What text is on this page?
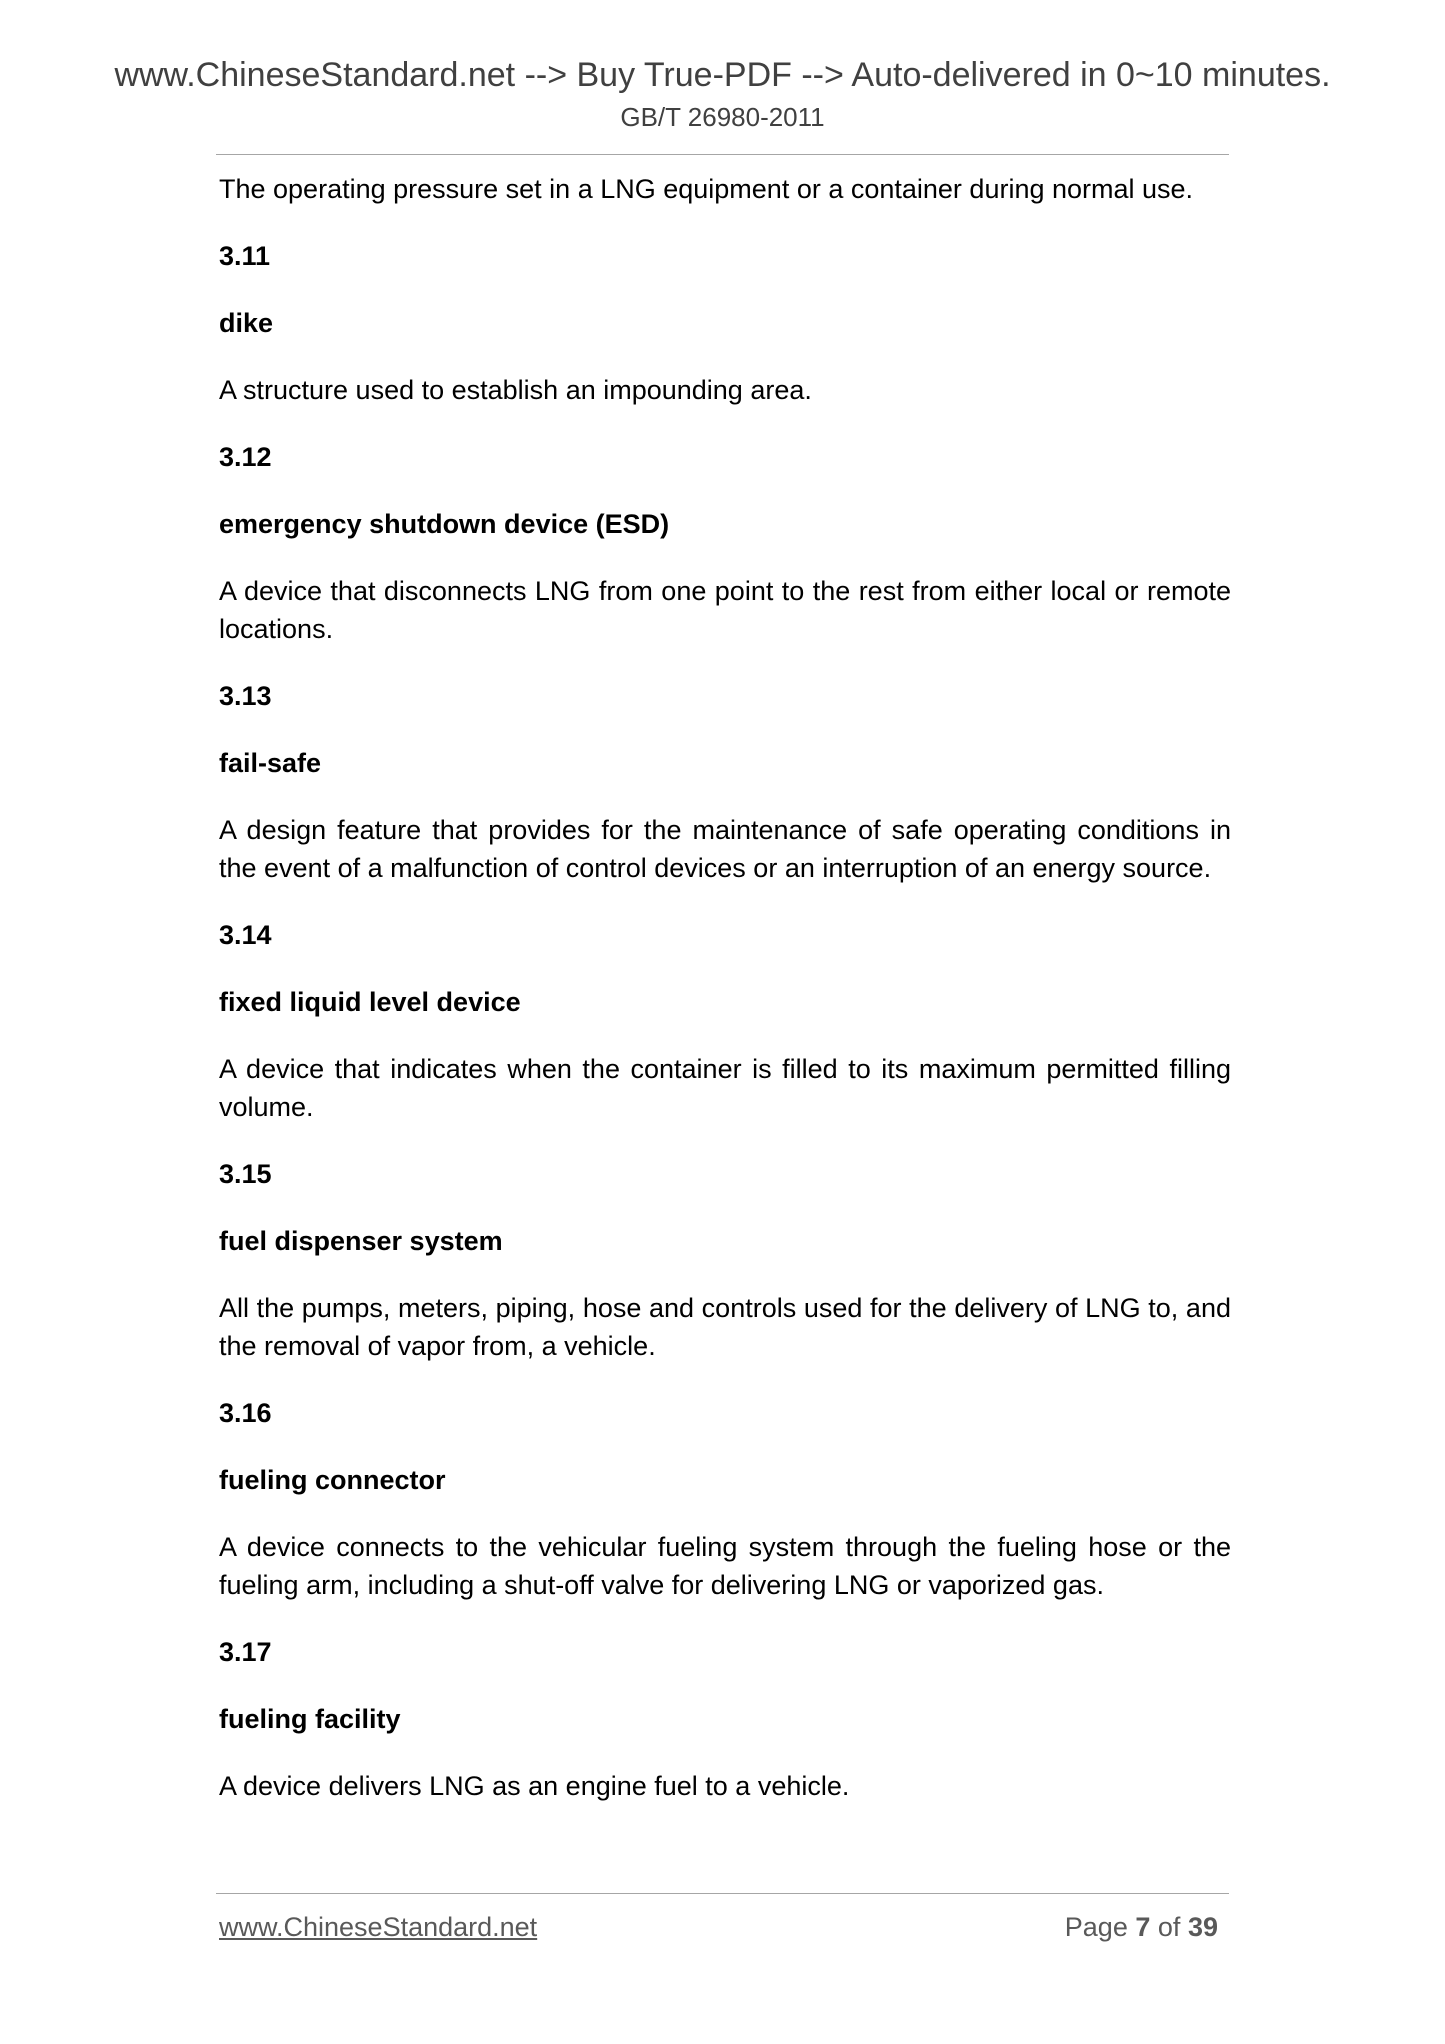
www.ChineseStandard.net --> Buy True-PDF --> Auto-delivered in 0~10 minutes.
GB/T 26980-2011

The operating pressure set in a LNG equipment or a container during normal use.

3.11

dike

A structure used to establish an impounding area.

3.12

emergency shutdown device (ESD)

A device that disconnects LNG from one point to the rest from either local or remote locations.

3.13

fail-safe

A design feature that provides for the maintenance of safe operating conditions in the event of a malfunction of control devices or an interruption of an energy source.

3.14

fixed liquid level device

A device that indicates when the container is filled to its maximum permitted filling volume.

3.15

fuel dispenser system

All the pumps, meters, piping, hose and controls used for the delivery of LNG to, and the removal of vapor from, a vehicle.

3.16

fueling connector

A device connects to the vehicular fueling system through the fueling hose or the fueling arm, including a shut-off valve for delivering LNG or vaporized gas.

3.17

fueling facility

A device delivers LNG as an engine fuel to a vehicle.

www.ChineseStandard.net	Page 7 of 39
